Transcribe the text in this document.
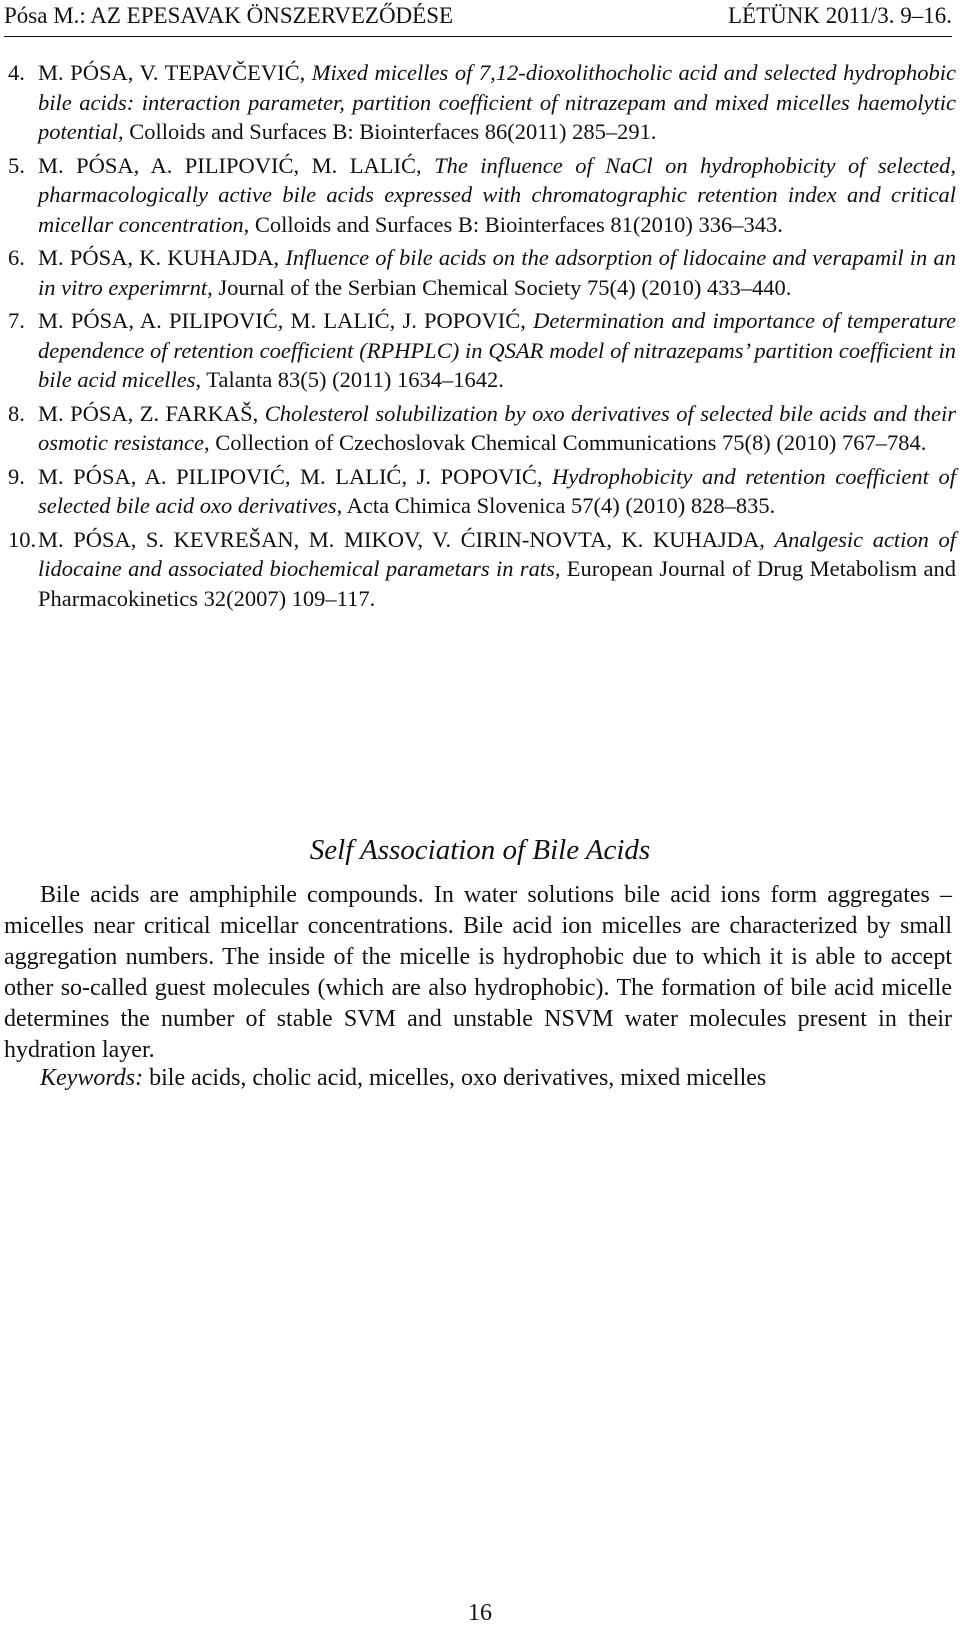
Pósa M.: AZ EPESAVAK ÖNSZERVEZŐDÉSE	LÉTÜNK 2011/3. 9–16.
4. M. PÓSA, V. TEPAVČEVIĆ, Mixed micelles of 7,12-dioxolithocholic acid and selected hydrophobic bile acids: interaction parameter, partition coefficient of nitrazepam and mixed micelles haemolytic potential, Colloids and Surfaces B: Biointerfaces 86(2011) 285–291.
5. M. PÓSA, A. PILIPOVIĆ, M. LALIĆ, The influence of NaCl on hydrophobicity of selected, pharmacologically active bile acids expressed with chromatographic retention index and critical micellar concentration, Colloids and Surfaces B: Biointerfaces 81(2010) 336–343.
6. M. PÓSA, K. KUHAJDA, Influence of bile acids on the adsorption of lidocaine and verapamil in an in vitro experimrnt, Journal of the Serbian Chemical Society 75(4) (2010) 433–440.
7. M. PÓSA, A. PILIPOVIĆ, M. LALIĆ, J. POPOVIĆ, Determination and importance of temperature dependence of retention coefficient (RPHPLC) in QSAR model of nitrazepams’ partition coefficient in bile acid micelles, Talanta 83(5) (2011) 1634–1642.
8. M. PÓSA, Z. FARKAŠ, Cholesterol solubilization by oxo derivatives of selected bile acids and their osmotic resistance, Collection of Czechoslovak Chemical Communications 75(8) (2010) 767–784.
9. M. PÓSA, A. PILIPOVIĆ, M. LALIĆ, J. POPOVIĆ, Hydrophobicity and retention coefficient of selected bile acid oxo derivatives, Acta Chimica Slovenica 57(4) (2010) 828–835.
10. M. PÓSA, S. KEVREŠAN, M. MIKOV, V. ĆIRIN-NOVTA, K. KUHAJDA, Analgesic action of lidocaine and associated biochemical parametars in rats, European Journal of Drug Metabolism and Pharmacokinetics 32(2007) 109–117.
Self Association of Bile Acids

Bile acids are amphiphile compounds. In water solutions bile acid ions form aggregates – micelles near critical micellar concentrations. Bile acid ion micelles are characterized by small aggregation numbers. The inside of the micelle is hydrophobic due to which it is able to accept other so-called guest molecules (which are also hydrophobic). The formation of bile acid micelle determines the number of stable SVM and unstable NSVM water molecules present in their hydration layer.

Keywords: bile acids, cholic acid, micelles, oxo derivatives, mixed micelles

16
